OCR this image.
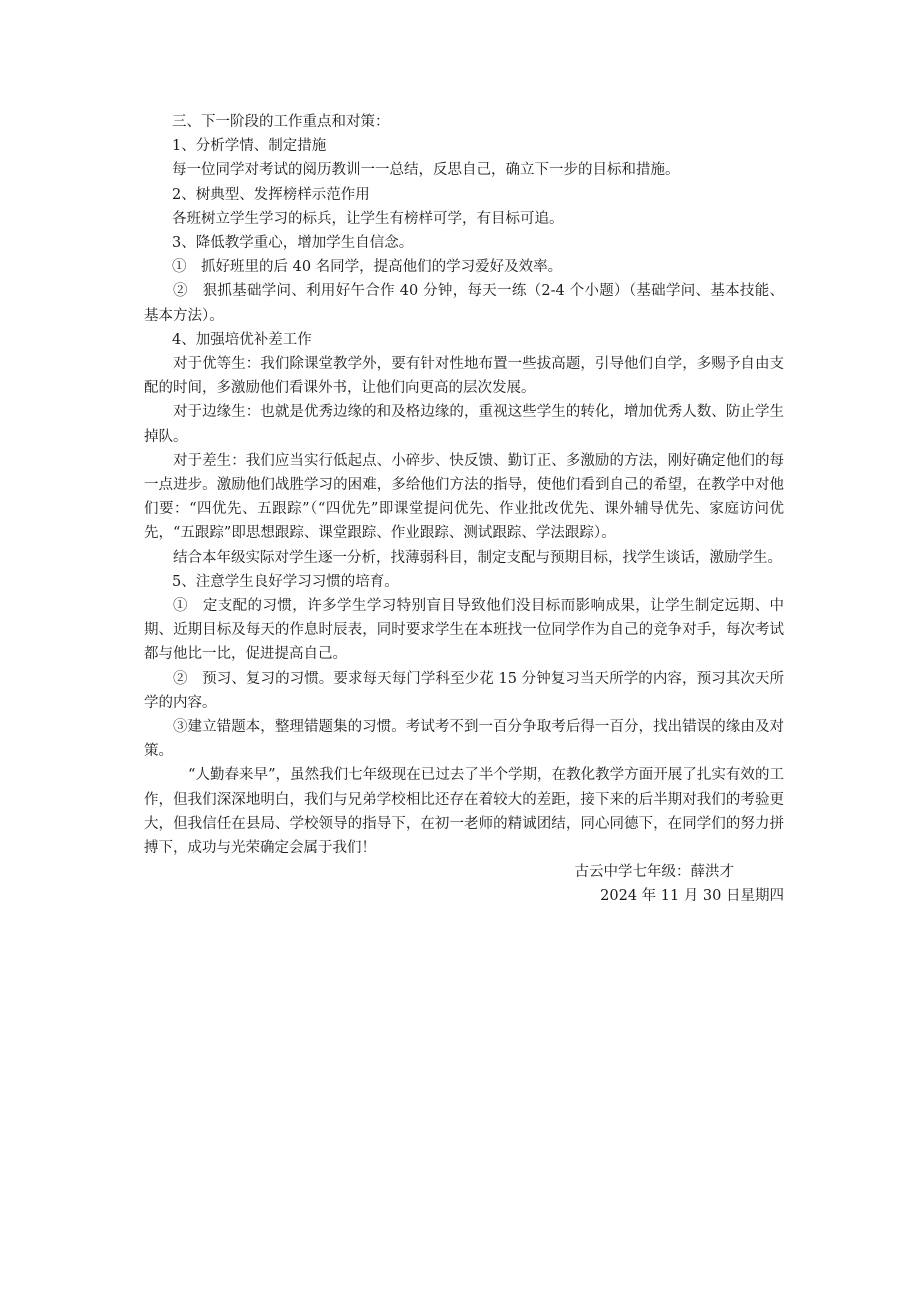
三、下一阶段的工作重点和对策：
1、分析学情、制定措施
每一位同学对考试的阅历教训一一总结，反思自己，确立下一步的目标和措施。
2、树典型、发挥榜样示范作用
各班树立学生学习的标兵，让学生有榜样可学，有目标可追。
3、降低教学重心，增加学生自信念。
①　抓好班里的后 40 名同学，提高他们的学习爱好及效率。

②　狠抓基础学问、利用好午合作 40 分钟，每天一练（2-4 个小题）（基础学问、基本技能、基本方法）。

4、加强培优补差工作

对于优等生：我们除课堂教学外，要有针对性地布置一些拔高题，引导他们自学，多赐予自由支配的时间，多激励他们看课外书，让他们向更高的层次发展。

对于边缘生：也就是优秀边缘的和及格边缘的，重视这些学生的转化，增加优秀人数、防止学生掉队。

对于差生：我们应当实行低起点、小碎步、快反馈、勤订正、多激励的方法，刚好确定他们的每一点进步。激励他们战胜学习的困难，多给他们方法的指导，使他们看到自己的希望，在教学中对他们要：“四优先、五跟踪”（“四优先”即课堂提问优先、作业批改优先、课外辅导优先、家庭访问优先，“五跟踪”即思想跟踪、课堂跟踪、作业跟踪、测试跟踪、学法跟踪）。

结合本年级实际对学生逐一分析，找薄弱科目，制定支配与预期目标，找学生谈话，激励学生。

5、注意学生良好学习习惯的培育。

①　定支配的习惯，许多学生学习特别盲目导致他们没目标而影响成果，让学生制定远期、中期、近期目标及每天的作息时辰表，同时要求学生在本班找一位同学作为自己的竞争对手，每次考试都与他比一比，促进提高自己。

②　预习、复习的习惯。要求每天每门学科至少花 15 分钟复习当天所学的内容，预习其次天所学的内容。

③建立错题本，整理错题集的习惯。考试考不到一百分争取考后得一百分，找出错误的缘由及对策。

“人勤春来早”，虽然我们七年级现在已过去了半个学期，在教化教学方面开展了扎实有效的工作，但我们深深地明白，我们与兄弟学校相比还存在着较大的差距，接下来的后半期对我们的考验更大，但我信任在县局、学校领导的指导下，在初一老师的精诚团结，同心同德下，在同学们的努力拼搏下，成功与光荣确定会属于我们！

古云中学七年级：薛洪才
2024 年 11 月 30 日星期四
